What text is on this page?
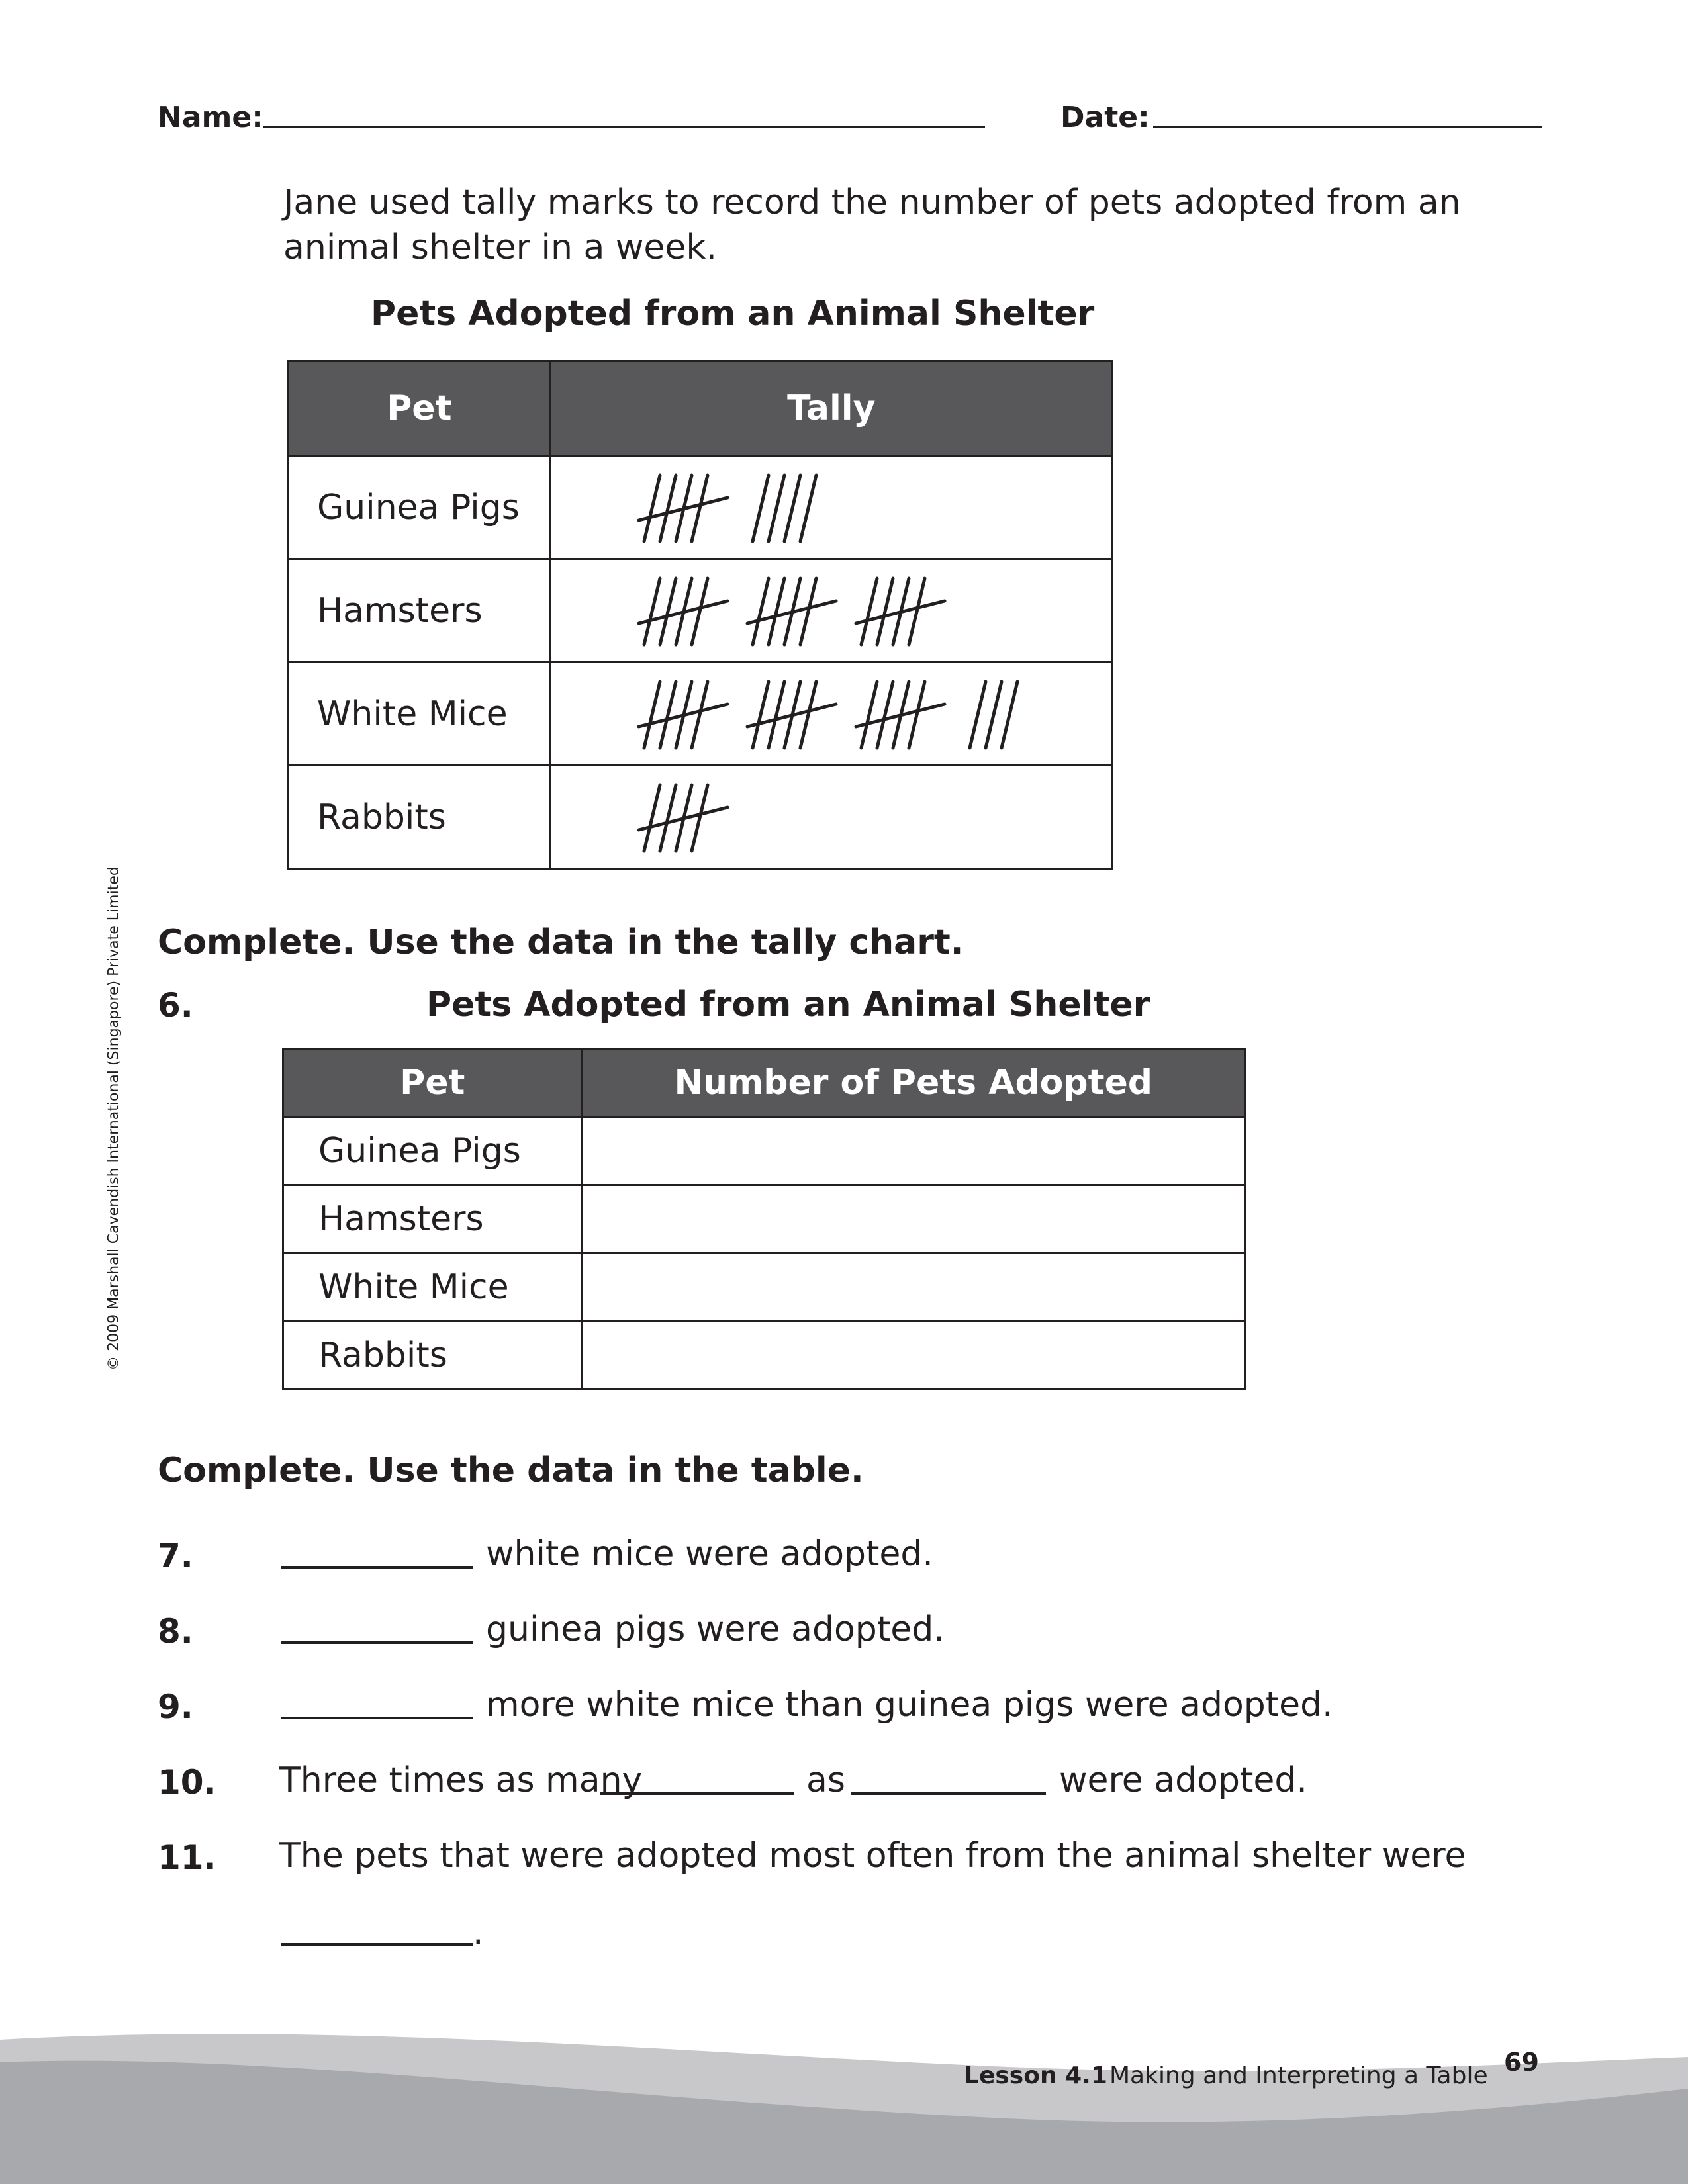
Name:	Date:
Jane used tally marks to record the number of pets adopted from an animal shelter in a week.
Pets Adopted from an Animal Shelter
Pet	Tally
Guinea Pigs	

Hamsters	

White Mice	

Rabbits	
Complete. Use the data in the tally chart.
6.	Pets Adopted from an Animal Shelter
Pet	Number of Pets Adopted
Guinea Pigs	
Hamsters	
White Mice	
Rabbits	
Complete. Use the data in the table.
7.	white mice were adopted.
8.	guinea pigs were adopted.
9.	more white mice than guinea pigs were adopted.
10. Three times as many	as	were adopted.
11. The pets that were adopted most often from the animal shelter were
.
© 2009 Marshall Cavendish International (Singapore) Private Limited
Lesson 4.1 Making and Interpreting a Table 69
